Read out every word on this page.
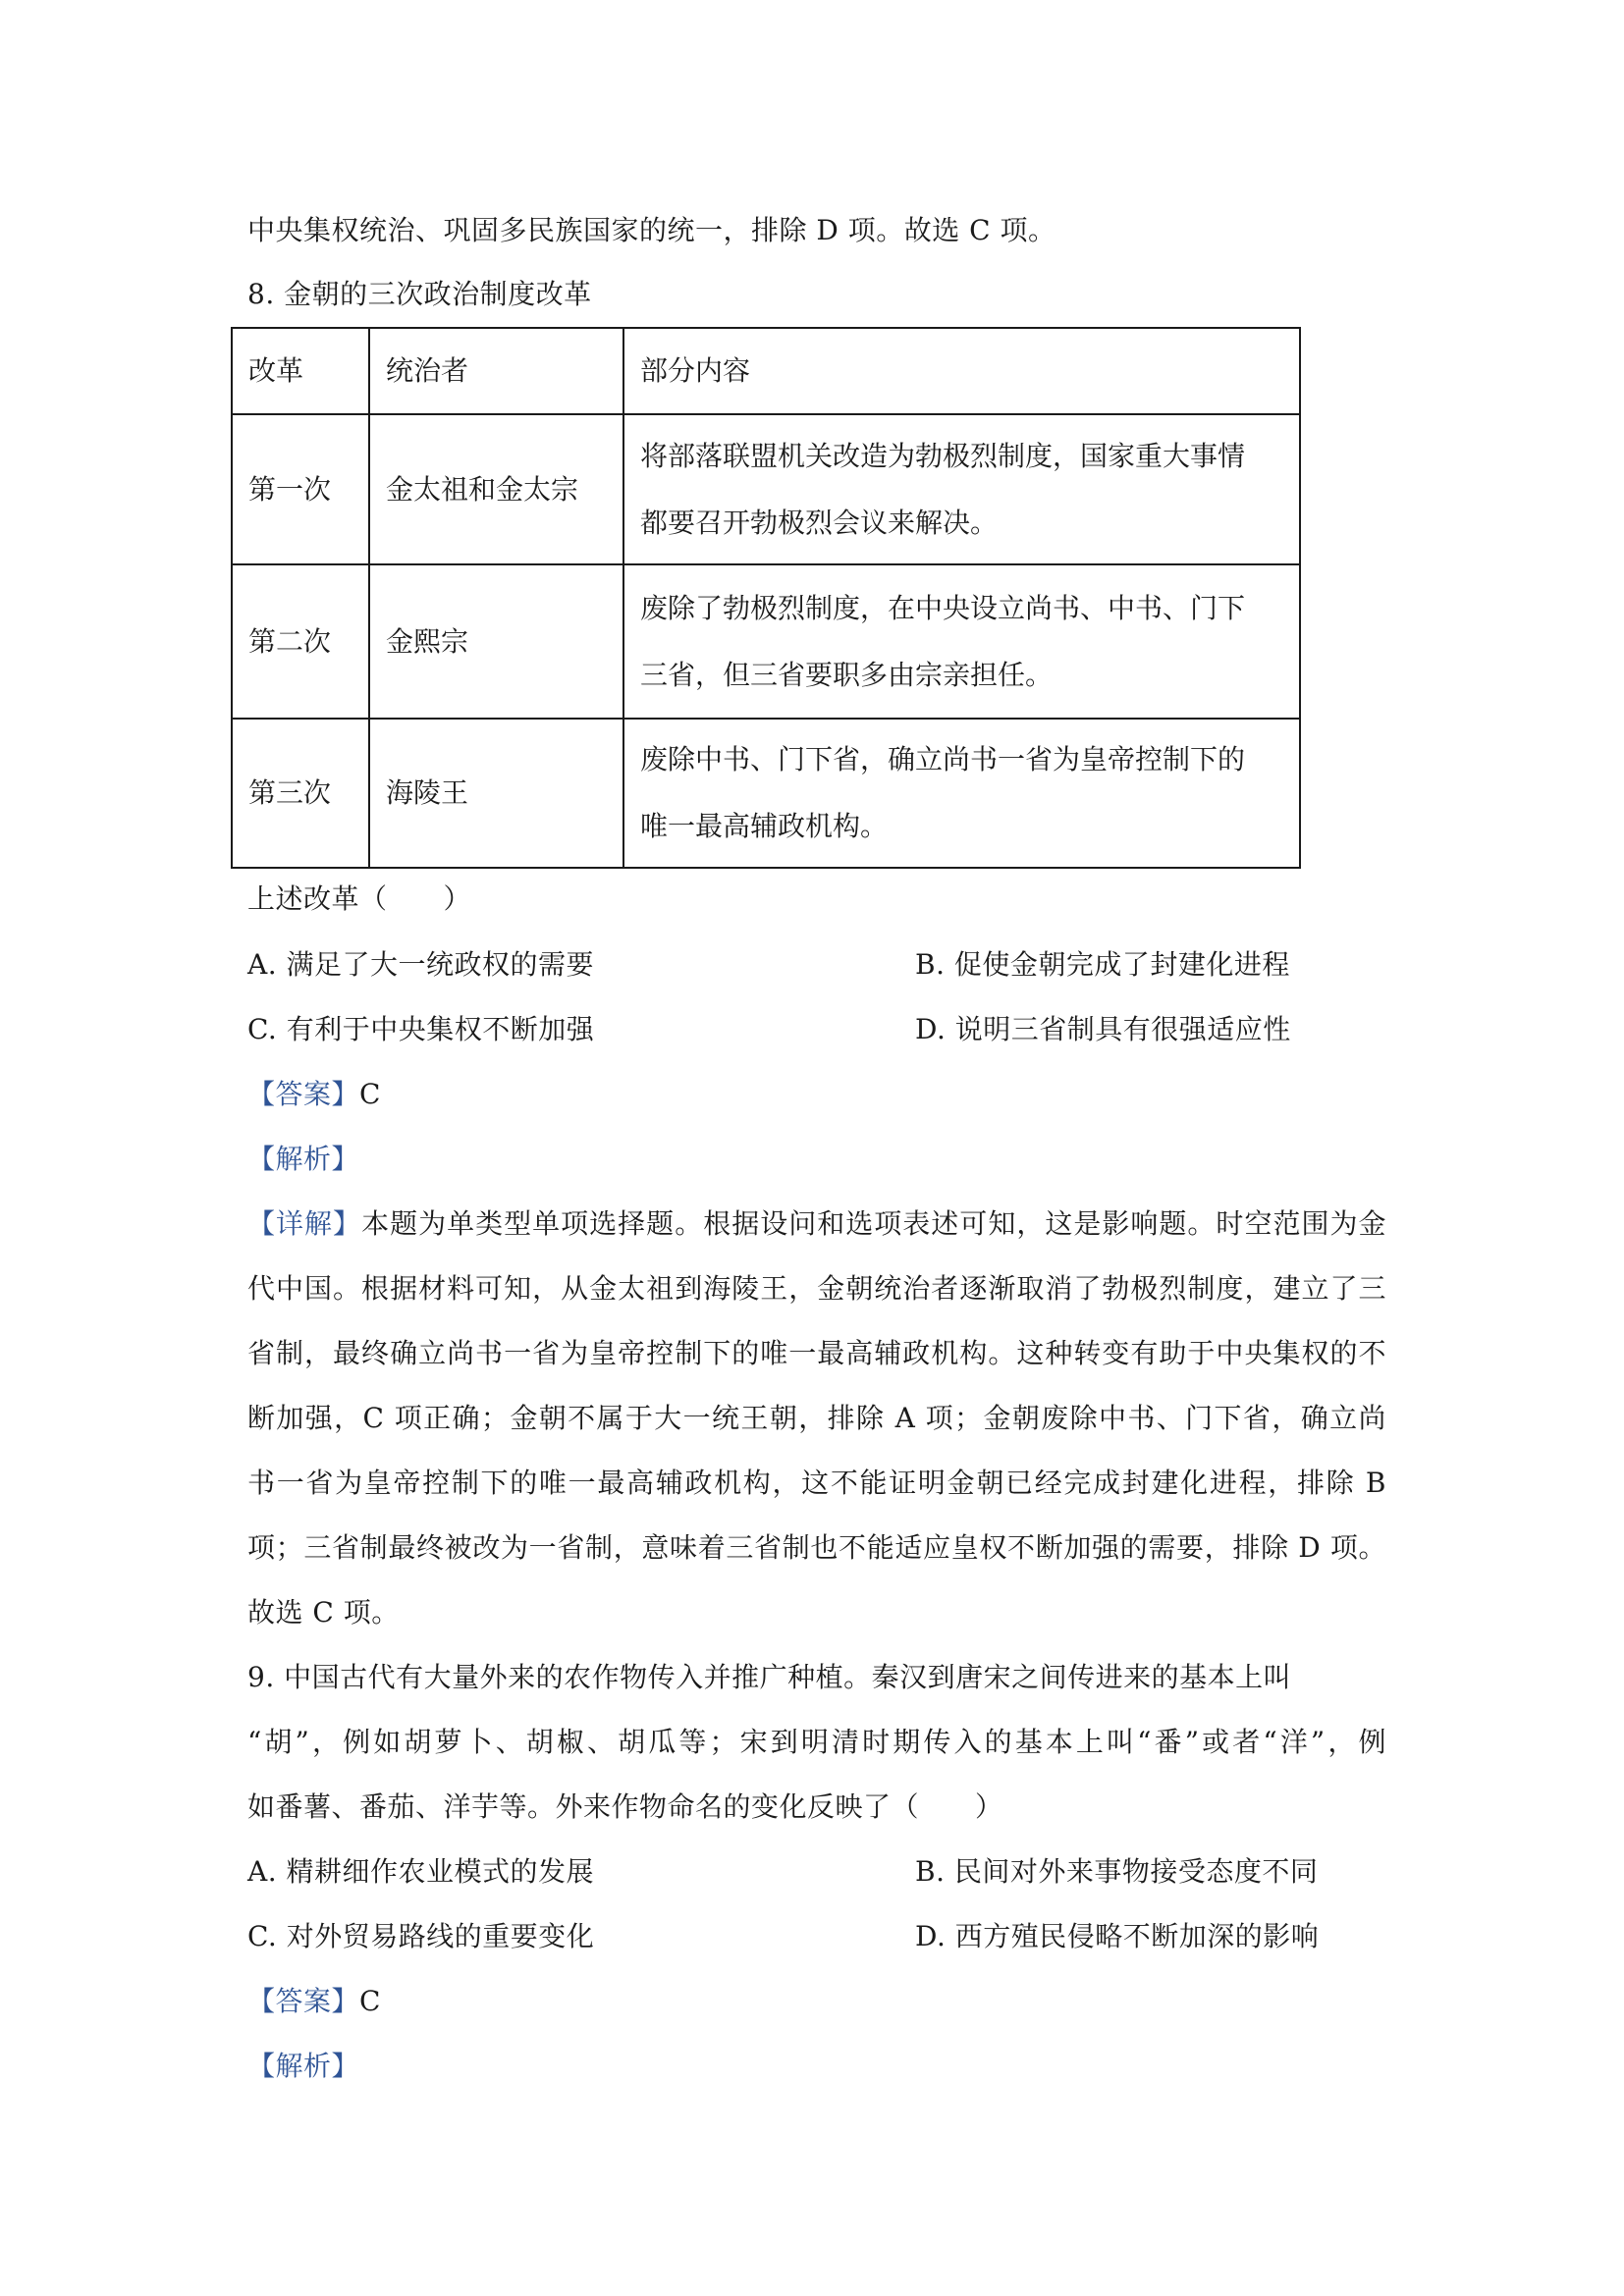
中央集权统治、巩固多民族国家的统一，排除 D 项。故选 C 项。
8. 金朝的三次政治制度改革
改革	统治者	部分内容
第一次	金太祖和金太宗	将部落联盟机关改造为勃极烈制度，国家重大事情
都要召开勃极烈会议来解决。

第二次	金熙宗	废除了勃极烈制度，在中央设立尚书、中书、门下
三省，但三省要职多由宗亲担任。

第三次	海陵王	废除中书、门下省，确立尚书一省为皇帝控制下的
唯一最高辅政机构。
上述改革（　　）
A. 满足了大一统政权的需要	B. 促使金朝完成了封建化进程
C. 有利于中央集权不断加强	D. 说明三省制具有很强适应性
【答案】C
【解析】
【详解】本题为单类型单项选择题。根据设问和选项表述可知，这是影响题。时空范围为金
代中国。根据材料可知，从金太祖到海陵王，金朝统治者逐渐取消了勃极烈制度，建立了三
省制，最终确立尚书一省为皇帝控制下的唯一最高辅政机构。这种转变有助于中央集权的不
断加强，C 项正确；金朝不属于大一统王朝，排除 A 项；金朝废除中书、门下省，确立尚
书一省为皇帝控制下的唯一最高辅政机构，这不能证明金朝已经完成封建化进程，排除 B
项；三省制最终被改为一省制，意味着三省制也不能适应皇权不断加强的需要，排除 D 项。
故选 C 项。
9. 中国古代有大量外来的农作物传入并推广种植。秦汉到唐宋之间传进来的基本上叫
“胡”，例如胡萝卜、胡椒、胡瓜等；宋到明清时期传入的基本上叫“番”或者“洋”，例
如番薯、番茄、洋芋等。外来作物命名的变化反映了（　　）
A. 精耕细作农业模式的发展	B. 民间对外来事物接受态度不同
C. 对外贸易路线的重要变化	D. 西方殖民侵略不断加深的影响
【答案】C
【解析】
